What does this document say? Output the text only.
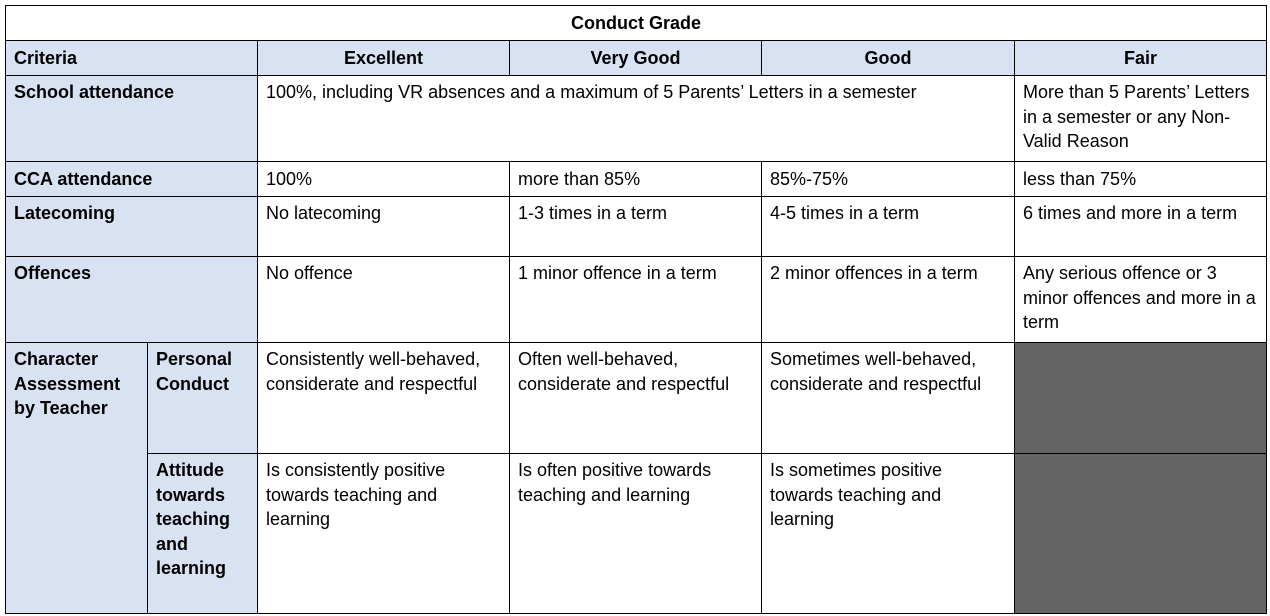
Conduct Grade					
Criteria		Excellent	Very Good	Good	Fair
School attendance		100%, including VR absences and a maximum of 5 Parents’ Letters in a semester			More than 5 Parents’ Letters in a semester or any Non-Valid Reason
CCA attendance		100%	more than 85%	85%-75%	less than 75%
Latecoming		No latecoming	1-3 times in a term	4-5 times in a term	6 times and more in a term
Offences		No offence	1 minor offence in a term	2 minor offences in a term	Any serious offence or 3 minor offences and more in a term
Character Assessment by Teacher	Personal Conduct	Consistently well-behaved, considerate and respectful	Often well-behaved, considerate and respectful	Sometimes well-behaved, considerate and respectful	
	Attitude towards teaching and learning	Is consistently positive towards teaching and learning	Is often positive towards teaching and learning	Is sometimes positive towards teaching and learning	
